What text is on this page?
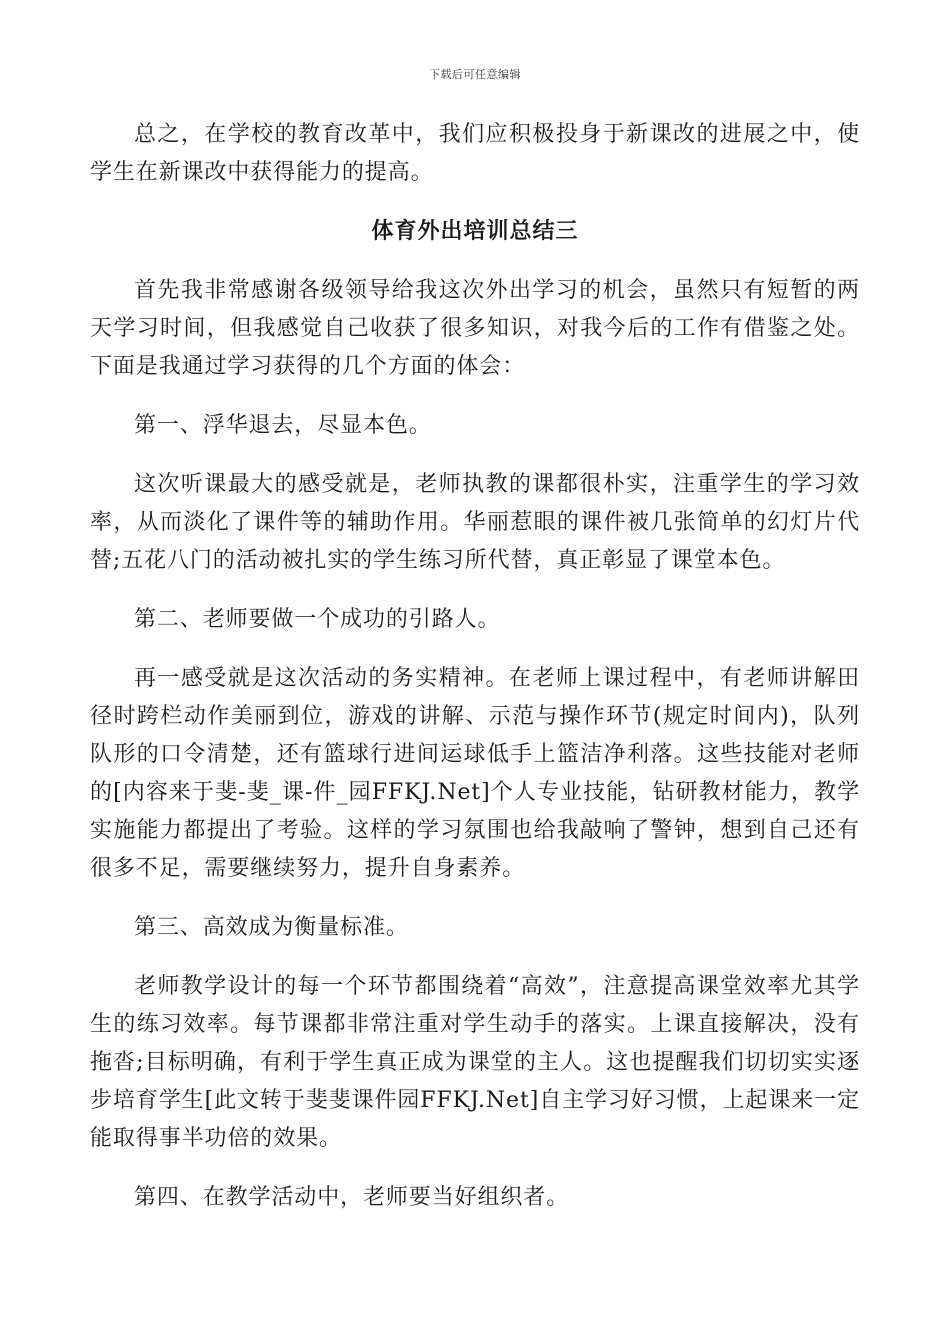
下载后可任意编辑

总之，在学校的教育改革中，我们应积极投身于新课改的进展之中，使学生在新课改中获得能力的提高。

体育外出培训总结三

首先我非常感谢各级领导给我这次外出学习的机会，虽然只有短暂的两天学习时间，但我感觉自己收获了很多知识，对我今后的工作有借鉴之处。下面是我通过学习获得的几个方面的体会：

第一、浮华退去，尽显本色。

这次听课最大的感受就是，老师执教的课都很朴实，注重学生的学习效率，从而淡化了课件等的辅助作用。华丽惹眼的课件被几张简单的幻灯片代替;五花八门的活动被扎实的学生练习所代替，真正彰显了课堂本色。

第二、老师要做一个成功的引路人。

再一感受就是这次活动的务实精神。在老师上课过程中，有老师讲解田径时跨栏动作美丽到位，游戏的讲解、示范与操作环节(规定时间内)，队列队形的口令清楚，还有篮球行进间运球低手上篮洁净利落。这些技能对老师的[内容来于斐-斐_课-件_园FFKJ.Net]个人专业技能，钻研教材能力，教学实施能力都提出了考验。这样的学习氛围也给我敲响了警钟，想到自己还有很多不足，需要继续努力，提升自身素养。

第三、高效成为衡量标准。

老师教学设计的每一个环节都围绕着“高效”，注意提高课堂效率尤其学生的练习效率。每节课都非常注重对学生动手的落实。上课直接解决，没有拖沓;目标明确，有利于学生真正成为课堂的主人。这也提醒我们切切实实逐步培育学生[此文转于斐斐课件园FFKJ.Net]自主学习好习惯，上起课来一定能取得事半功倍的效果。

第四、在教学活动中，老师要当好组织者。
